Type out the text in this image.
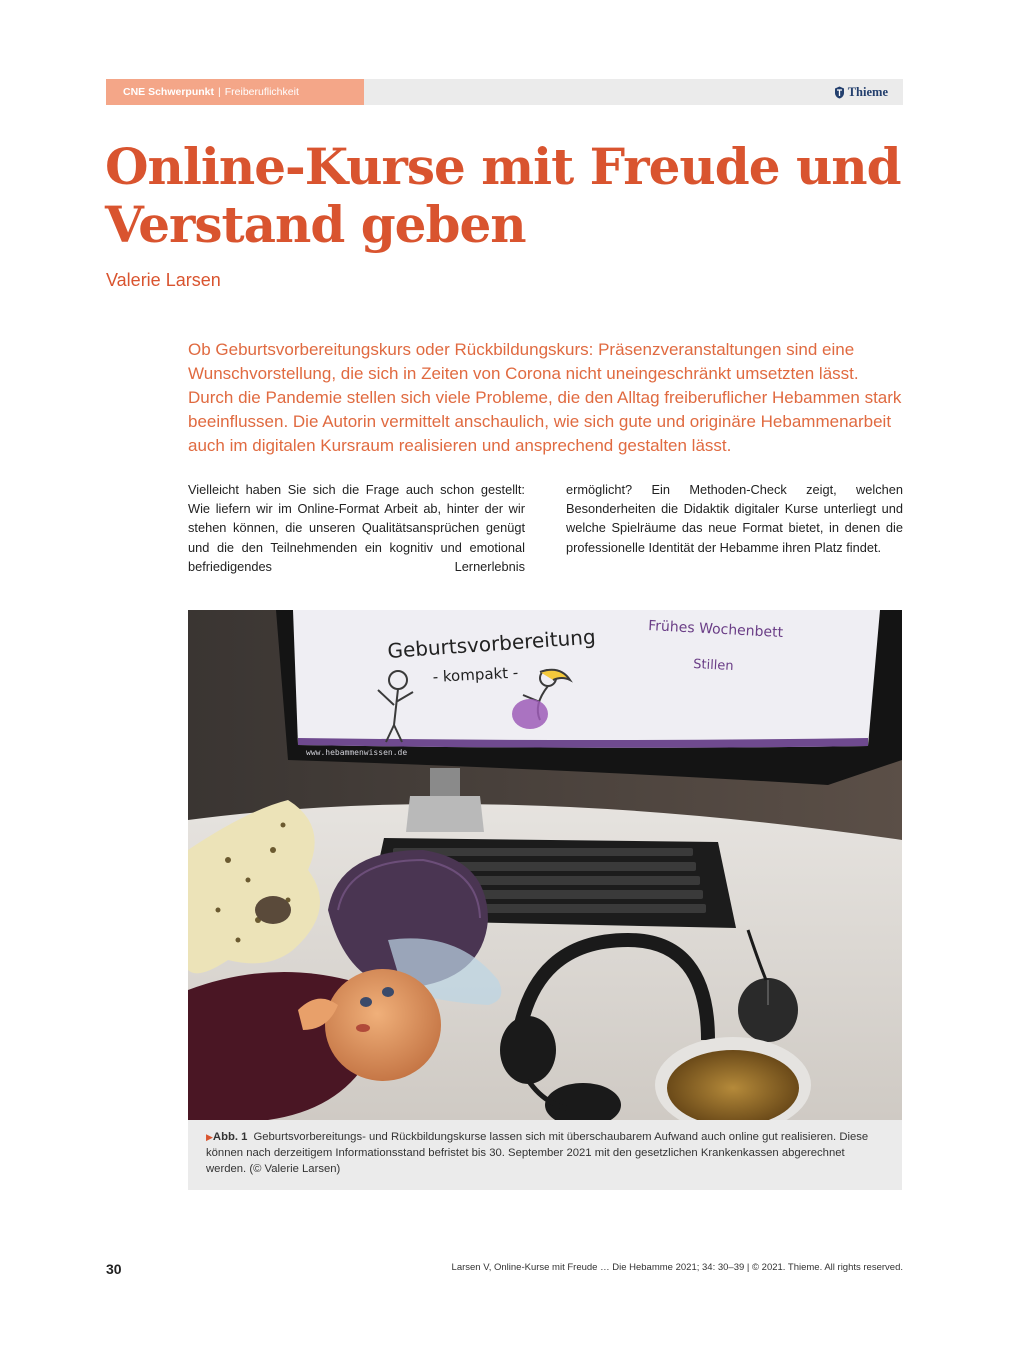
CNE Schwerpunkt | Freiberuflichkeit	Thieme
Online-Kurse mit Freude und Verstand geben
Valerie Larsen

Ob Geburtsvorbereitungskurs oder Rückbildungskurs: Präsenzveranstaltungen sind eine Wunschvorstellung, die sich in Zeiten von Corona nicht uneingeschränkt umsetzten lässt. Durch die Pandemie stellen sich viele Probleme, die den Alltag freiberuflicher Hebammen stark beeinflussen. Die Autorin vermittelt anschaulich, wie sich gute und originäre Hebammenarbeit auch im digitalen Kursraum realisieren und ansprechend gestalten lässt.

Vielleicht haben Sie sich die Frage auch schon gestellt: Wie liefern wir im Online-Format Arbeit ab, hinter der wir stehen können, die unseren Qualitätsansprüchen genügt und die den Teilnehmenden ein kognitiv und emotional befriedigendes Lernerlebnis

ermöglicht? Ein Methoden-Check zeigt, welchen Besonderheiten die Didaktik digitaler Kurse unterliegt und welche Spielräume das neue Format bietet, in denen die professionelle Identität der Hebamme ihren Platz findet.

Geburtsvorbereitung
- kompakt -
Frühes Wochenbett
Stillen
www.hebammenwissen.de
▶Abb. 1 Geburtsvorbereitungs- und Rückbildungskurse lassen sich mit überschaubarem Aufwand auch online gut realisieren. Diese können nach derzeitigem Informationsstand befristet bis 30. September 2021 mit den gesetzlichen Krankenkassen abgerechnet werden. (© Valerie Larsen)
30	Larsen V, Online-Kurse mit Freude … Die Hebamme 2021; 34: 30–39 | © 2021. Thieme. All rights reserved.
